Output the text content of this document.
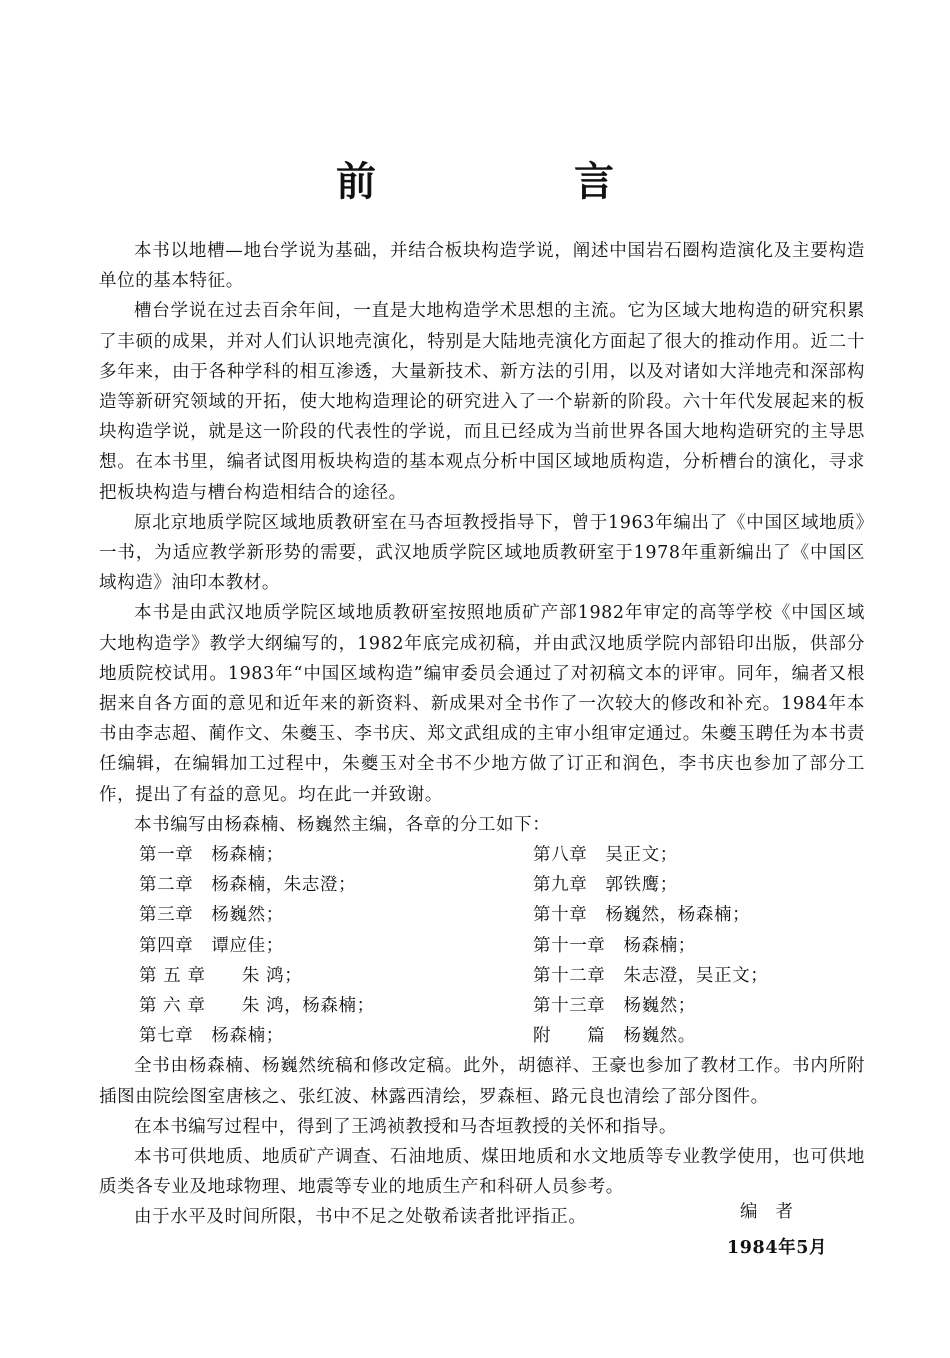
前 言

本书以地槽—地台学说为基础，并结合板块构造学说，阐述中国岩石圈构造演化及主要构造单位的基本特征。

槽台学说在过去百余年间，一直是大地构造学术思想的主流。它为区域大地构造的研究积累了丰硕的成果，并对人们认识地壳演化，特别是大陆地壳演化方面起了很大的推动作用。近二十多年来，由于各种学科的相互渗透，大量新技术、新方法的引用，以及对诸如大洋地壳和深部构造等新研究领域的开拓，使大地构造理论的研究进入了一个崭新的阶段。六十年代发展起来的板块构造学说，就是这一阶段的代表性的学说，而且已经成为当前世界各国大地构造研究的主导思想。在本书里，编者试图用板块构造的基本观点分析中国区域地质构造，分析槽台的演化，寻求把板块构造与槽台构造相结合的途径。

原北京地质学院区域地质教研室在马杏垣教授指导下，曾于1963年编出了《中国区域地质》一书，为适应教学新形势的需要，武汉地质学院区域地质教研室于1978年重新编出了《中国区域构造》油印本教材。

本书是由武汉地质学院区域地质教研室按照地质矿产部1982年审定的高等学校《中国区域大地构造学》教学大纲编写的，1982年底完成初稿，并由武汉地质学院内部铅印出版，供部分地质院校试用。1983年“中国区域构造”编审委员会通过了对初稿文本的评审。同年，编者又根据来自各方面的意见和近年来的新资料、新成果对全书作了一次较大的修改和补充。1984年本书由李志超、蔺作文、朱夔玉、李书庆、郑文武组成的主审小组审定通过。朱夔玉聘任为本书责任编辑，在编辑加工过程中，朱夔玉对全书不少地方做了订正和润色，李书庆也参加了部分工作，提出了有益的意见。均在此一并致谢。

本书编写由杨森楠、杨巍然主编，各章的分工如下：

第一章　杨森楠；	第八章　吴正文；
第二章　杨森楠，朱志澄；	第九章　郭铁鹰；
第三章　杨巍然；	第十章　杨巍然，杨森楠；
第四章　谭应佳；	第十一章　杨森楠；
第 五 章　　朱 鸿；	第十二章　朱志澄，吴正文；
第 六 章　　朱 鸿，杨森楠；	第十三章　杨巍然；
第七章　杨森楠；	附　　篇　杨巍然。

全书由杨森楠、杨巍然统稿和修改定稿。此外，胡德祥、王豪也参加了教材工作。书内所附插图由院绘图室唐核之、张红波、林露西清绘，罗森桓、路元良也清绘了部分图件。

在本书编写过程中，得到了王鸿祯教授和马杏垣教授的关怀和指导。

本书可供地质、地质矿产调查、石油地质、煤田地质和水文地质等专业教学使用，也可供地质类各专业及地球物理、地震等专业的地质生产和科研人员参考。

由于水平及时间所限，书中不足之处敬希读者批评指正。	编者
1984年5月
